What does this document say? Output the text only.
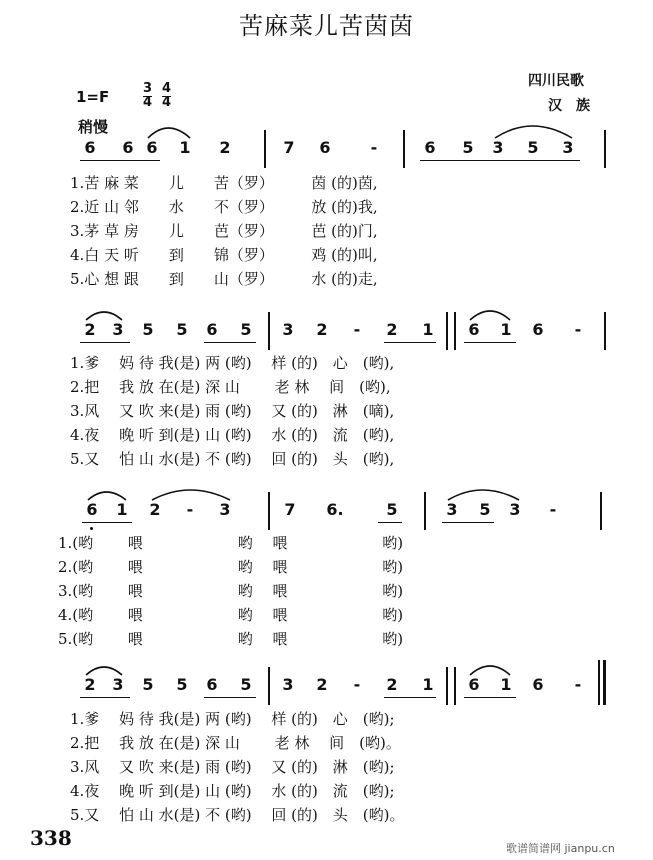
苦麻菜儿苦茵茵
四川民歌
汉　族
1=F	$\frac{3}{4} \frac{4}{4}$
稍慢
6 6 6 1 2	7 6	-	6 5 3 5 3
1.苦 麻 菜　　儿　　苦（罗）　　　茵 (的)茵,
2.近 山 邻　　水　　不（罗）　　　放 (的)我,
3.茅 草 房　　儿　　芭（罗）　　　芭 (的)门,
4.白 天 听　　到　　锦（罗）　　　鸡 (的)叫,
5.心 想 跟　　到　　山（罗）　　　水 (的)走,
2 3 5 5 6 5 3 2 - 2 1 6 1 6 -
1.爹　 妈 待 我(是) 两 (哟)　 样 (的)　心　(哟),
2.把　 我 放 在(是) 深 山　　 老 林　 间　(哟),
3.风　 又 吹 来(是) 雨 (哟)　 又 (的)　淋　(嘀),
4.夜　 晚 听 到(是) 山 (哟)　 水 (的)　流　(哟),
5.又　 怕 山 水(是) 不 (哟)　 回 (的)　头　(哟),
6 1 2 - 3	7 6.	5	3 5 3 -
1.(哟　　 喂　　　　　　 哟　 喂　　　　　　 哟)
2.(哟　　 喂　　　　　　 哟　 喂　　　　　　 哟)
3.(哟　　 喂　　　　　　 哟　 喂　　　　　　 哟)
4.(哟　　 喂　　　　　　 哟　 喂　　　　　　 哟)
5.(哟　　 喂　　　　　　 哟　 喂　　　　　　 哟)
2 3 5 5 6 5 3 2 - 2 1 6 1 6 -
1.爹　 妈 待 我(是) 两 (哟)　 样 (的)　心　(哟);
2.把　 我 放 在(是) 深 山　　 老 林　 间　(哟)。
3.风　 又 吹 来(是) 雨 (哟)　 又 (的)　淋　(哟);
4.夜　 晚 听 到(是) 山 (哟)　 水 (的)　流　(哟);
5.又　 怕 山 水(是) 不 (哟)　 回 (的)　头　(哟)。
338	歌谱简谱网 jianpu.cn
